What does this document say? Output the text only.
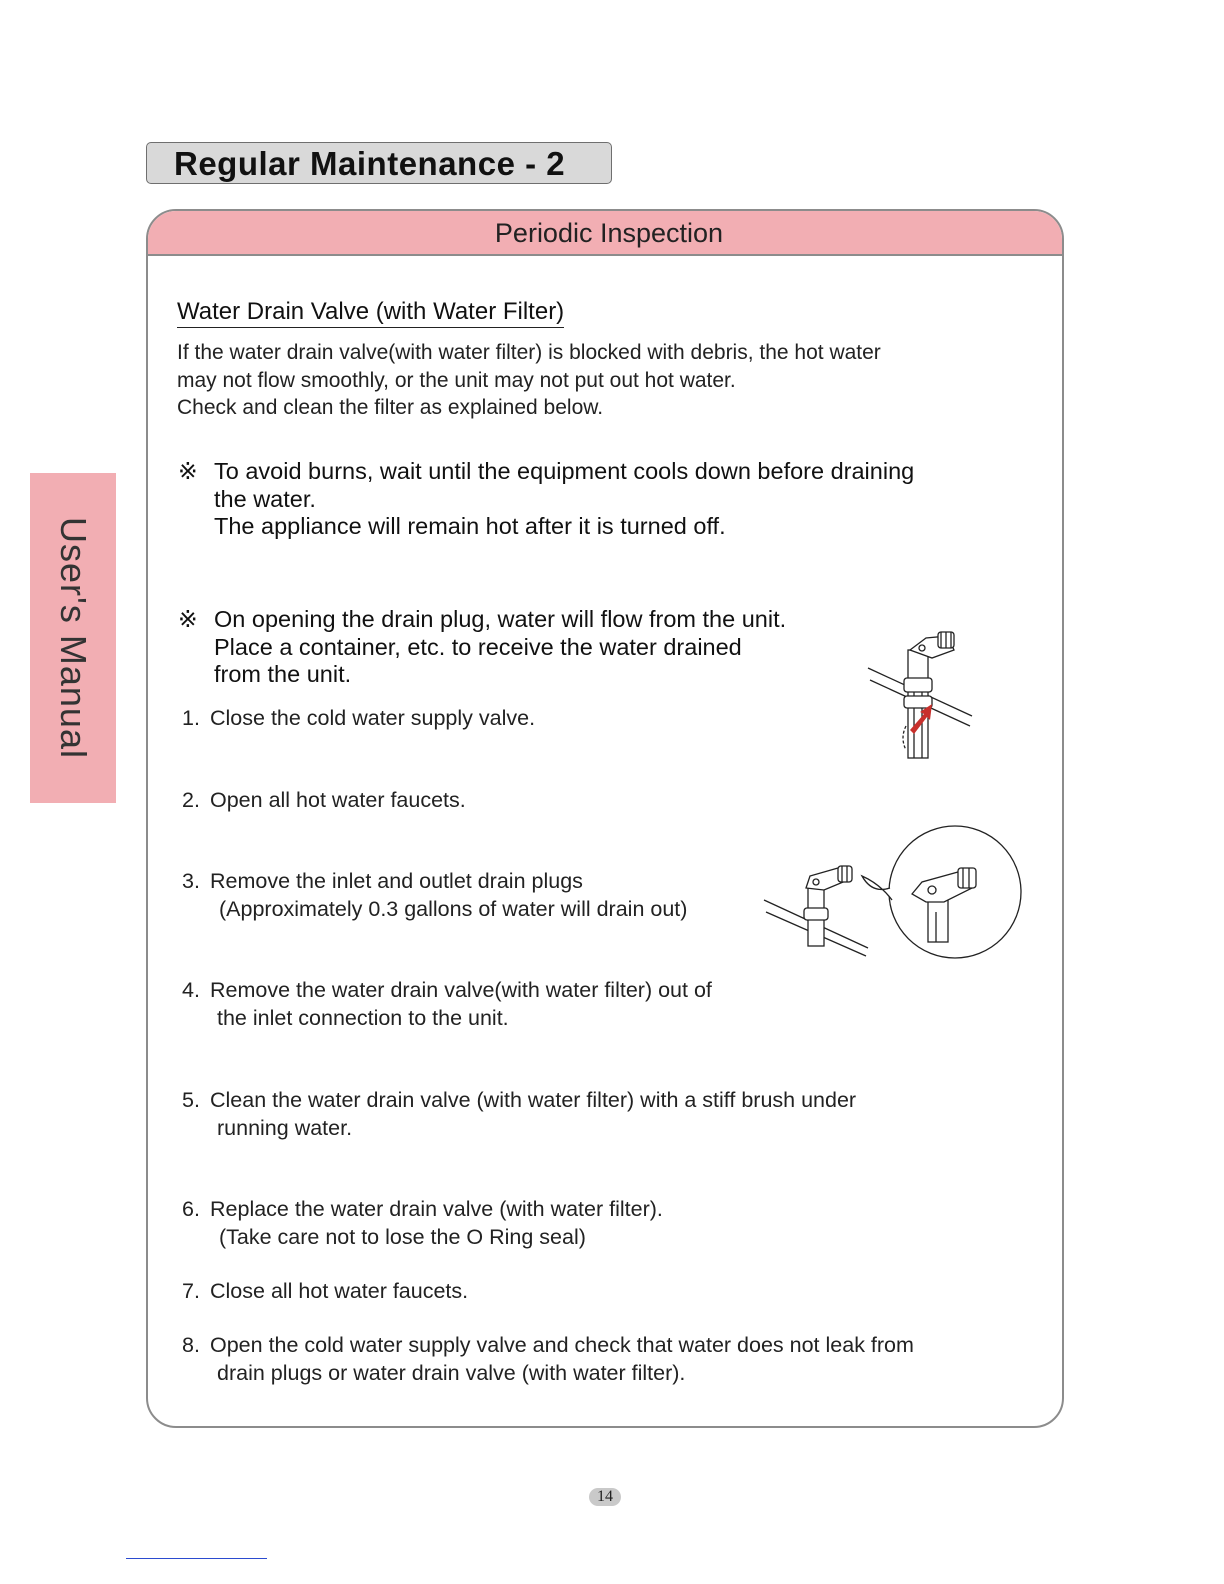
Regular Maintenance - 2
User's Manual
Periodic Inspection
Water Drain Valve (with Water Filter)
If the water drain valve(with water filter) is blocked with debris, the hot water
may not flow smoothly, or the unit may not put out hot water.
Check and clean the filter as explained below.
※ To avoid burns, wait until the equipment cools down before draining
the water.
The appliance will remain hot after it is turned off.
※ On opening the drain plug, water will flow from the unit.
Place a container, etc. to receive the water drained
from the unit.
1. Close the cold water supply valve.
2. Open all hot water faucets.
3. Remove the inlet and outlet drain plugs
(Approximately 0.3 gallons of water will drain out)
4. Remove the water drain valve(with water filter) out of
the inlet connection to the unit.
5. Clean the water drain valve (with water filter) with a stiff brush under
running water.
6. Replace the water drain valve (with water filter).
(Take care not to lose the O Ring seal)
7. Close all hot water faucets.
8. Open the cold water supply valve and check that water does not leak from
drain plugs or water drain valve (with water filter).
14
